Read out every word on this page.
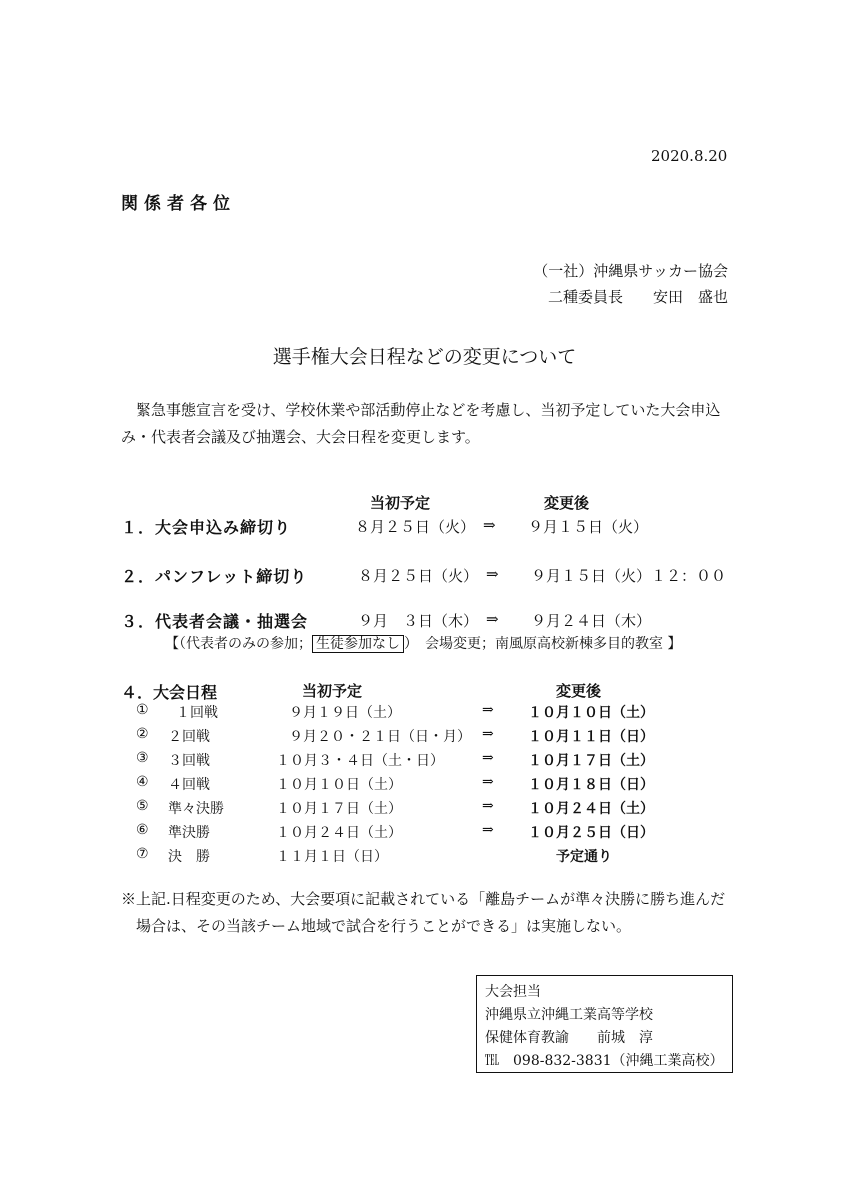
2020.8.20
関係者各位
（一社）沖縄県サッカー協会
二種委員長　　安田　盛也
選手権大会日程などの変更について

緊急事態宣言を受け、学校休業や部活動停止などを考慮し、当初予定していた大会申込

み・代表者会議及び抽選会、大会日程を変更します。

当初予定	変更後
１．大会申込み締切り	８月２５日（火） ⇒ ９月１５日（火）
２．パンフレット締切り	８月２５日（火） ⇒ ９月１５日（火）１２：００
３．代表者会議・抽選会	９月　３日（木） ⇒ ９月２４日（木）
【（代表者のみの参加； 生徒参加なし ）　会場変更；南風原高校新棟多目的教室 】
４．大会日程	当初予定	変更後
① １回戦	９月１９日（土）	⇒ １０月１０日（土）
② ２回戦	９月２０・２１日（日・月） ⇒ １０月１１日（日）
③ ３回戦	１０月３・４日（土・日）	⇒ １０月１７日（土）
④ ４回戦	１０月１０日（土）	⇒ １０月１８日（日）
⑤ 準々決勝	１０月１７日（土）	⇒ １０月２４日（土）
⑥ 準決勝	１０月２４日（土）	⇒ １０月２５日（日）
⑦ 決　勝	１１月１日（日）	予定通り

※上記.日程変更のため、大会要項に記載されている「離島チームが準々決勝に勝ち進んだ

場合は、その当該チーム地域で試合を行うことができる」は実施しない。

大会担当
沖縄県立沖縄工業高等学校
保健体育教諭　　前城　淳
℡　098-832-3831（沖縄工業高校）
